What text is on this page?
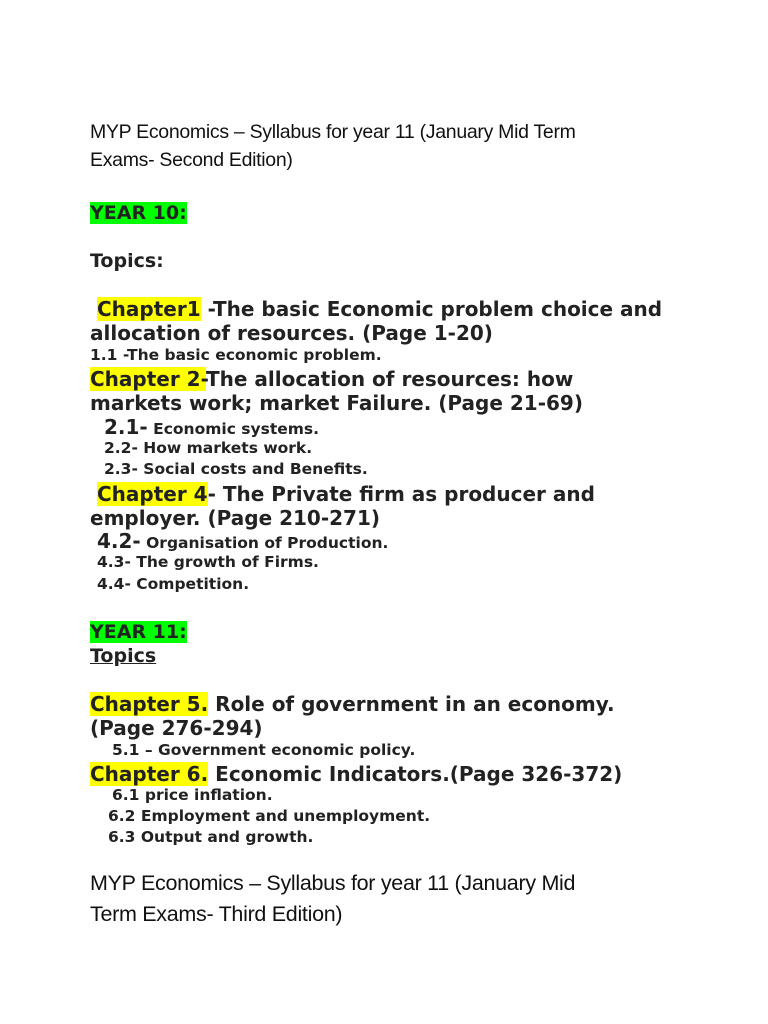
MYP Economics – Syllabus for year 11 (January Mid Term
Exams- Second Edition)
YEAR 10:
Topics:
Chapter1 -The basic Economic problem choice and
allocation of resources. (Page 1-20)
1.1 -The basic economic problem.
Chapter 2-The allocation of resources: how
markets work; market Failure. (Page 21-69)
2.1- Economic systems.
2.2- How markets work.
2.3- Social costs and Benefits.
Chapter 4- The Private firm as producer and
employer. (Page 210-271)
4.2- Organisation of Production.
4.3- The growth of Firms.
4.4- Competition.
YEAR 11:
Topics
Chapter 5. Role of government in an economy.
(Page 276-294)
5.1 – Government economic policy.
Chapter 6. Economic Indicators.(Page 326-372)
6.1 price inflation.
6.2 Employment and unemployment.
6.3 Output and growth.
MYP Economics – Syllabus for year 11 (January Mid
Term Exams- Third Edition)
